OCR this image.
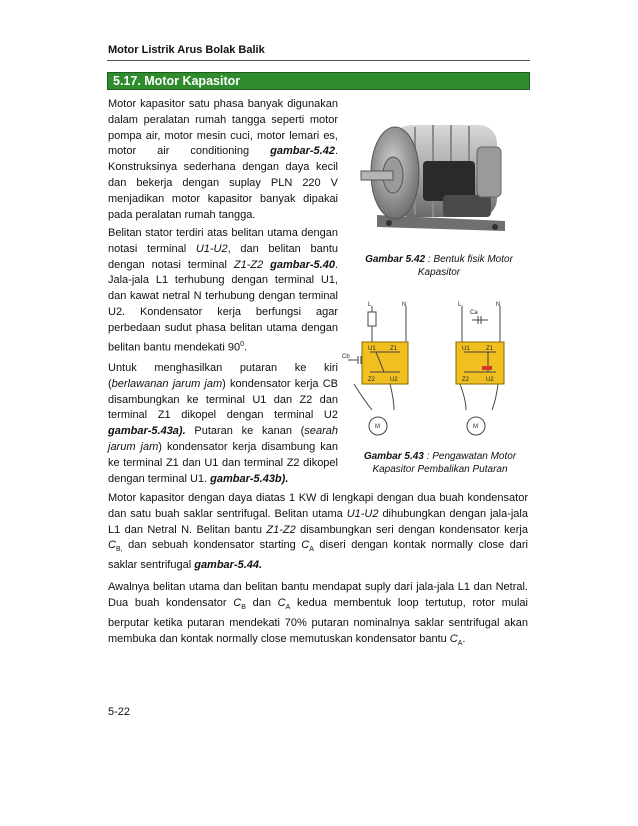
Motor Listrik Arus Bolak Balik
5.17. Motor Kapasitor

Motor kapasitor satu phasa banyak digunakan dalam peralatan rumah tangga seperti motor pompa air, motor mesin cuci, motor lemari es, motor air conditioning gambar-5.42. Konstruksinya sederhana dengan daya kecil dan bekerja dengan suplay PLN 220 V menjadikan motor kapasitor banyak dipakai pada peralatan rumah tangga.

Belitan stator terdiri atas belitan utama dengan notasi terminal U1-U2, dan belitan bantu dengan notasi terminal Z1-Z2 gambar-5.40. Jala-jala L1 terhubung dengan terminal U1, dan kawat netral N terhubung dengan terminal U2. Kondensator kerja berfungsi agar perbedaan sudut phasa belitan utama dengan belitan bantu mendekati $90^0$.

Untuk menghasilkan putaran ke kiri (berlawanan jarum jam) kondensator kerja CB disambungkan ke terminal U1 dan Z2 dan terminal Z1 dikopel dengan terminal U2 gambar-5.43a). Putaran ke kanan (searah jarum jam) kondensator kerja disambung kan ke terminal Z1 dan U1 dan terminal Z2 dikopel dengan terminal U1. gambar-5.43b).

Motor kapasitor dengan daya diatas 1 KW di lengkapi dengan dua buah kondensator dan satu buah saklar sentrifugal. Belitan utama U1-U2 dihubungkan dengan jala-jala L1 dan Netral N. Belitan bantu Z1-Z2 disambungkan seri dengan kondensator kerja $C_{B,}$ dan sebuah kondensator starting $C_A$ diseri dengan kontak normally close dari saklar sentrifugal gambar-5.44.

Awalnya belitan utama dan belitan bantu mendapat suply dari jala-jala L1 dan Netral. Dua buah kondensator $C_B$ dan $C_A$ kedua membentuk loop tertutup, rotor mulai berputar ketika putaran mendekati 70% putaran nominalnya saklar sentrifugal akan membuka dan kontak normally close memutuskan kondensator bantu $C_A$.

Gambar 5.42 : Bentuk fisik Motor Kapasitor
Cb
U1 Z1
Z2 U2
L	N
M
Ca
U1	Z1
Z2	U2
L	N
M
Gambar 5.43 : Pengawatan Motor Kapasitor Pembalikan Putaran
5-22
